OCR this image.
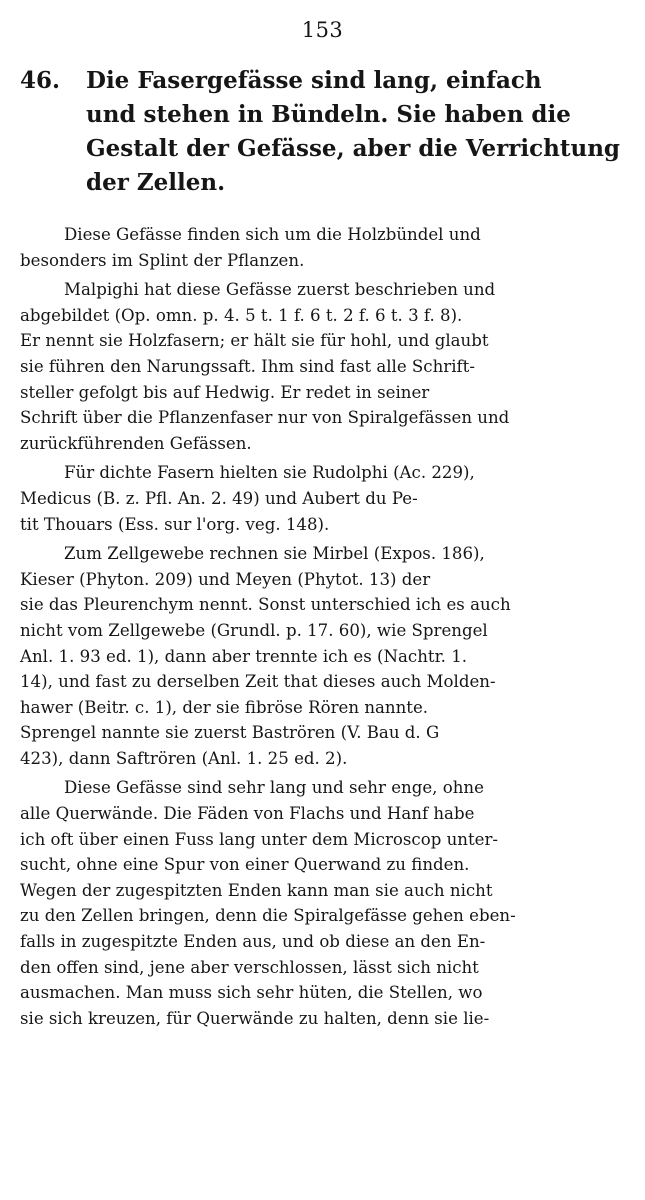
153
46.	Die Fasergefässe sind lang, einfach
und stehen in Bündeln. Sie haben die
Gestalt der Gefässe, aber die Verrichtung
der Zellen.

Diese Gefässe finden sich um die Holzbündel und
besonders im Splint der Pflanzen.

Malpighi hat diese Gefässe zuerst beschrieben und
abgebildet (Op. omn. p. 4. 5 t. 1 f. 6 t. 2 f. 6 t. 3 f. 8).
Er nennt sie Holzfasern; er hält sie für hohl, und glaubt
sie führen den Narungssaft. Ihm sind fast alle Schrift-
steller gefolgt bis auf Hedwig. Er redet in seiner
Schrift über die Pflanzenfaser nur von Spiralgefässen und
zurückführenden Gefässen.

Für dichte Fasern hielten sie Rudolphi (Ac. 229),
Medicus (B. z. Pfl. An. 2. 49) und Aubert du Pe-
tit Thouars (Ess. sur l'org. veg. 148).

Zum Zellgewebe rechnen sie Mirbel (Expos. 186),
Kieser (Phyton. 209) und Meyen (Phytot. 13) der
sie das Pleurenchym nennt. Sonst unterschied ich es auch
nicht vom Zellgewebe (Grundl. p. 17. 60), wie Sprengel
Anl. 1. 93 ed. 1), dann aber trennte ich es (Nachtr. 1.
14), und fast zu derselben Zeit that dieses auch Molden-
hawer (Beitr. c. 1), der sie fibröse Rören nannte.
Sprengel nannte sie zuerst Baströren (V. Bau d. G
423), dann Saftrören (Anl. 1. 25 ed. 2).

Diese Gefässe sind sehr lang und sehr enge, ohne
alle Querwände. Die Fäden von Flachs und Hanf habe
ich oft über einen Fuss lang unter dem Microscop unter-
sucht, ohne eine Spur von einer Querwand zu finden.
Wegen der zugespitzten Enden kann man sie auch nicht
zu den Zellen bringen, denn die Spiralgefässe gehen eben-
falls in zugespitzte Enden aus, und ob diese an den En-
den offen sind, jene aber verschlossen, lässt sich nicht
ausmachen. Man muss sich sehr hüten, die Stellen, wo
sie sich kreuzen, für Querwände zu halten, denn sie lie-
